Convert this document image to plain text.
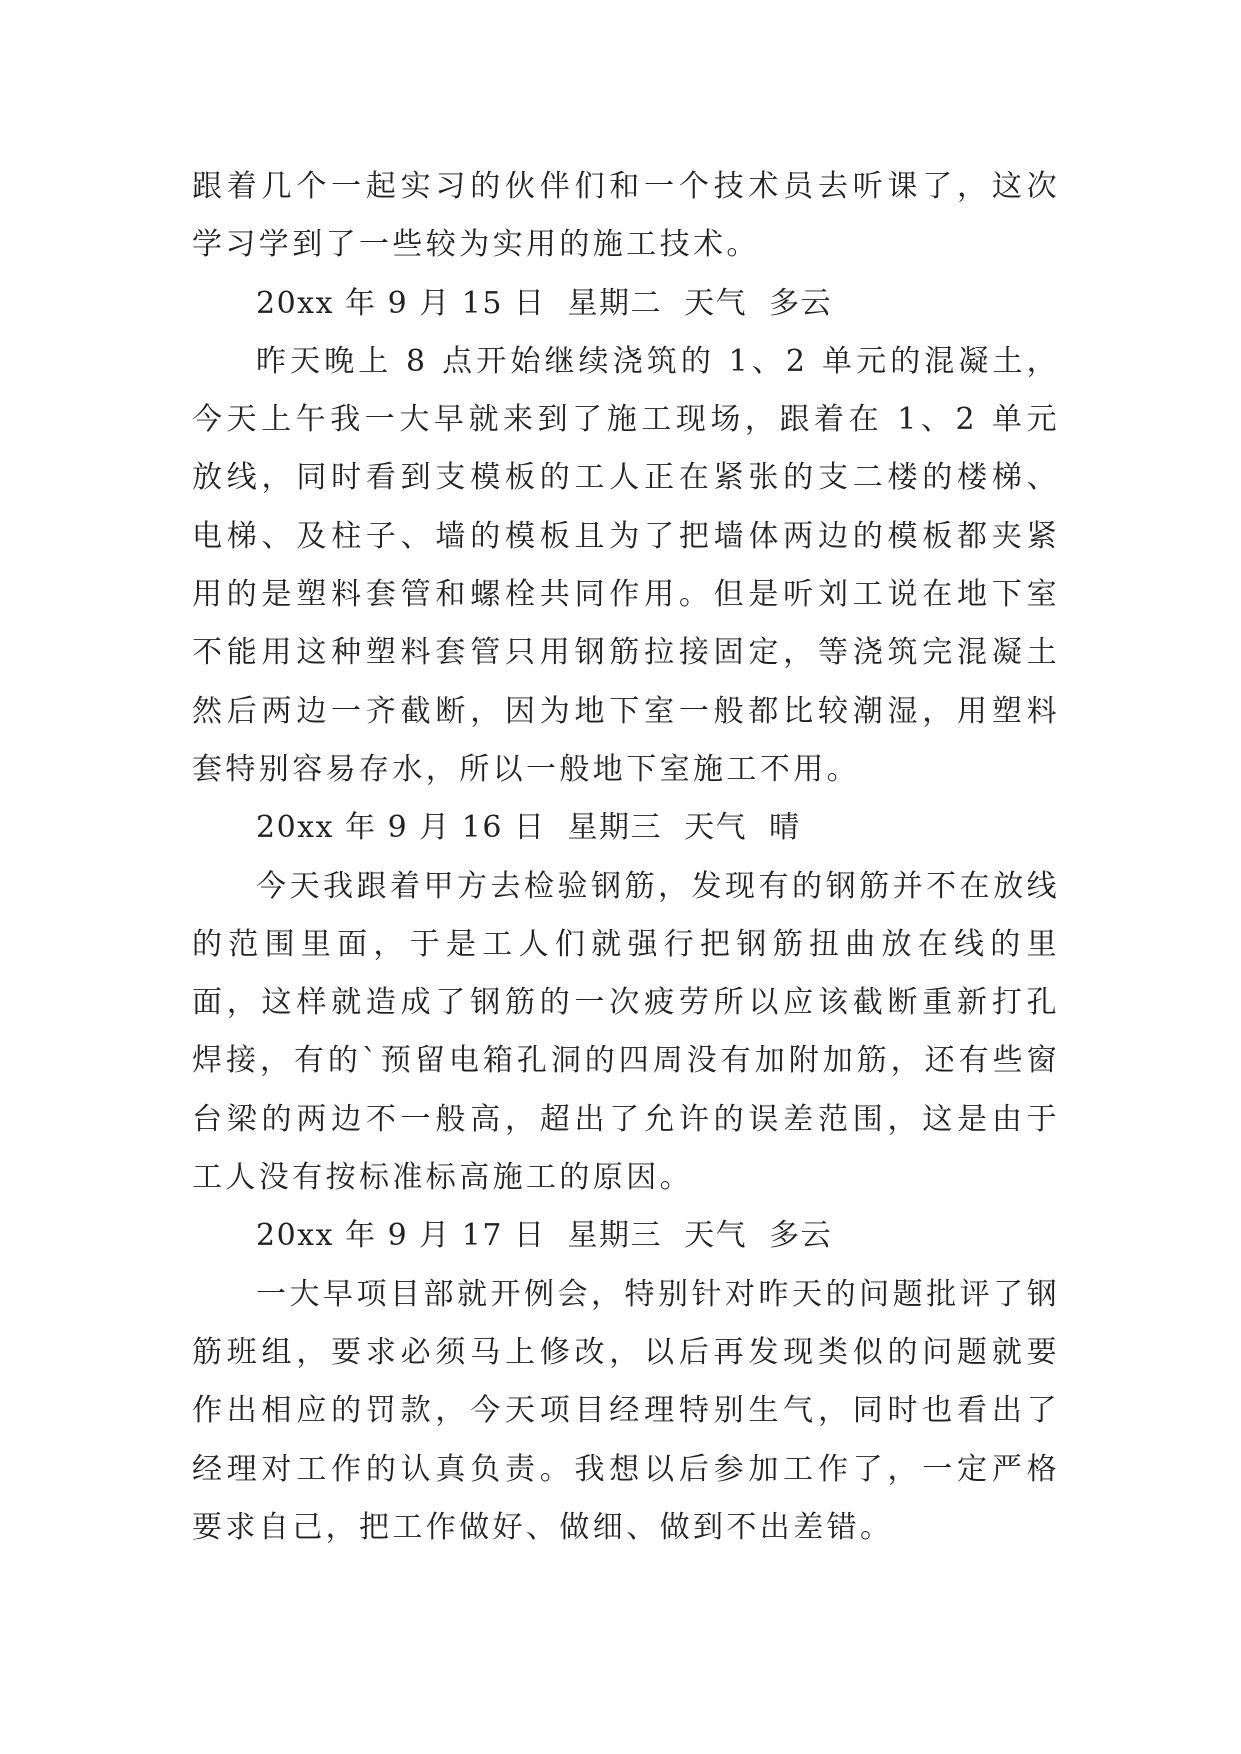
跟着几个一起实习的伙伴们和一个技术员去听课了，这次学习学到了一些较为实用的施工技术。

20xx 年 9 月 15 日  星期二  天气  多云

昨天晚上 8 点开始继续浇筑的 1、2 单元的混凝土，今天上午我一大早就来到了施工现场，跟着在 1、2 单元放线，同时看到支模板的工人正在紧张的支二楼的楼梯、电梯、及柱子、墙的模板且为了把墙体两边的模板都夹紧用的是塑料套管和螺栓共同作用。但是听刘工说在地下室不能用这种塑料套管只用钢筋拉接固定，等浇筑完混凝土然后两边一齐截断，因为地下室一般都比较潮湿，用塑料套特别容易存水，所以一般地下室施工不用。

20xx 年 9 月 16 日  星期三  天气  晴

今天我跟着甲方去检验钢筋，发现有的钢筋并不在放线的范围里面，于是工人们就强行把钢筋扭曲放在线的里面，这样就造成了钢筋的一次疲劳所以应该截断重新打孔焊接，有的`预留电箱孔洞的四周没有加附加筋，还有些窗台梁的两边不一般高，超出了允许的误差范围，这是由于工人没有按标准标高施工的原因。

20xx 年 9 月 17 日  星期三  天气  多云

一大早项目部就开例会，特别针对昨天的问题批评了钢筋班组，要求必须马上修改，以后再发现类似的问题就要作出相应的罚款，今天项目经理特别生气，同时也看出了经理对工作的认真负责。我想以后参加工作了，一定严格要求自己，把工作做好、做细、做到不出差错。
